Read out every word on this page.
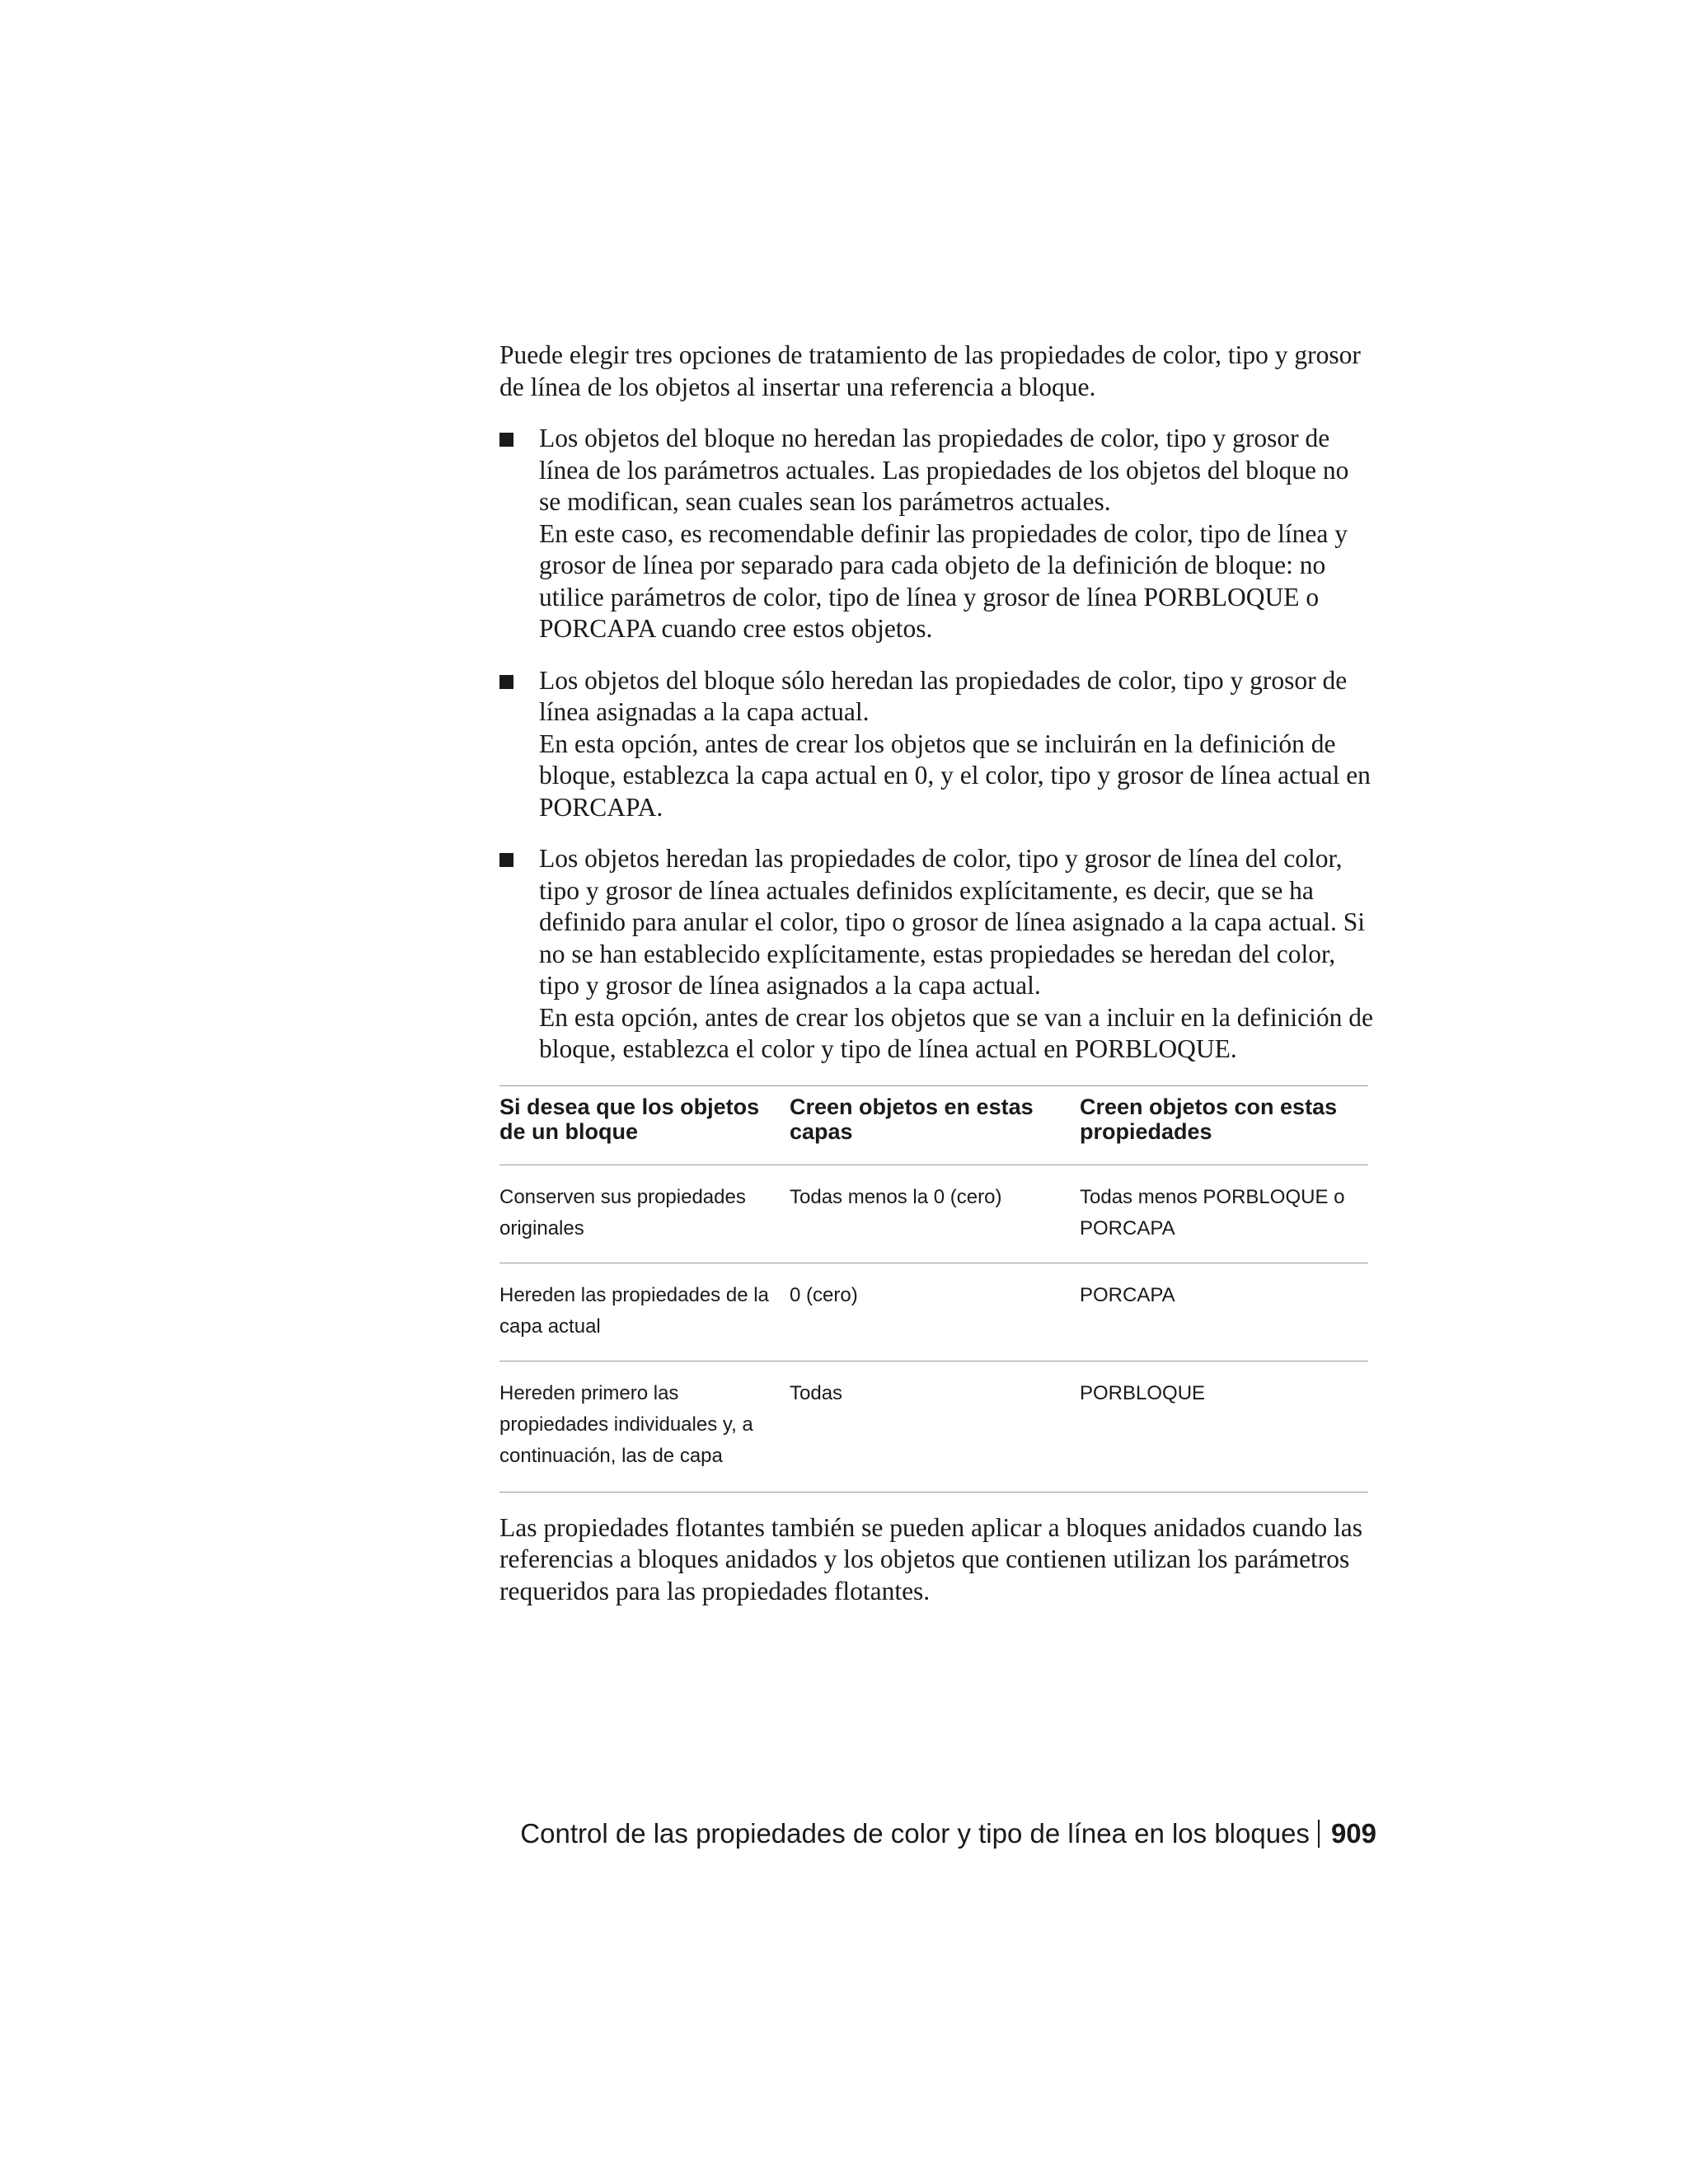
Puede elegir tres opciones de tratamiento de las propiedades de color, tipo y grosor de línea de los objetos al insertar una referencia a bloque.

Los objetos del bloque no heredan las propiedades de color, tipo y grosor de línea de los parámetros actuales. Las propiedades de los objetos del bloque no se modifican, sean cuales sean los parámetros actuales.

En este caso, es recomendable definir las propiedades de color, tipo de línea y grosor de línea por separado para cada objeto de la definición de bloque: no utilice parámetros de color, tipo de línea y grosor de línea PORBLOQUE o PORCAPA cuando cree estos objetos.

Los objetos del bloque sólo heredan las propiedades de color, tipo y grosor de línea asignadas a la capa actual.

En esta opción, antes de crear los objetos que se incluirán en la definición de bloque, establezca la capa actual en 0, y el color, tipo y grosor de línea actual en PORCAPA.

Los objetos heredan las propiedades de color, tipo y grosor de línea del color, tipo y grosor de línea actuales definidos explícitamente, es decir, que se ha definido para anular el color, tipo o grosor de línea asignado a la capa actual. Si no se han establecido explícitamente, estas propiedades se heredan del color, tipo y grosor de línea asignados a la capa actual.

En esta opción, antes de crear los objetos que se van a incluir en la definición de bloque, establezca el color y tipo de línea actual en PORBLOQUE.

Si desea que los objetos de un bloque	Creen objetos en estas capas	Creen objetos con estas propiedades
Conserven sus propiedades originales	Todas menos la 0 (cero)	Todas menos PORBLOQUE o PORCAPA
Hereden las propiedades de la capa actual	0 (cero)	PORCAPA
Hereden primero las propiedades individuales y, a continuación, las de capa	Todas	PORBLOQUE

Las propiedades flotantes también se pueden aplicar a bloques anidados cuando las referencias a bloques anidados y los objetos que contienen utilizan los parámetros requeridos para las propiedades flotantes.

Control de las propiedades de color y tipo de línea en los bloques 909
